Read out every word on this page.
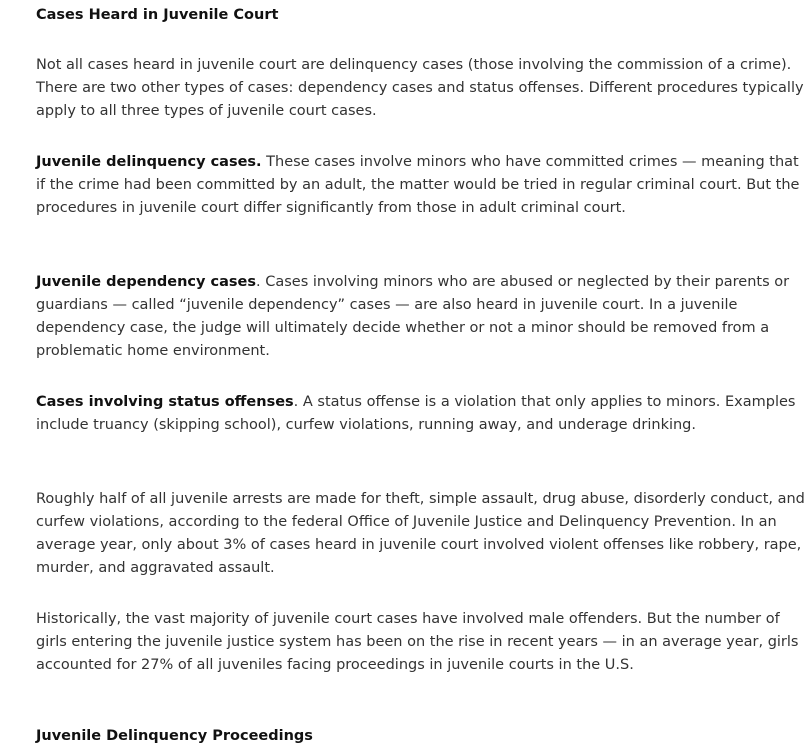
Cases Heard in Juvenile Court

Not all cases heard in juvenile court are delinquency cases (those involving the commission of a crime). There are two other types of cases: dependency cases and status offenses. Different procedures typically apply to all three types of juvenile court cases.

Juvenile delinquency cases. These cases involve minors who have committed crimes — meaning that if the crime had been committed by an adult, the matter would be tried in regular criminal court. But the procedures in juvenile court differ significantly from those in adult criminal court.

Juvenile dependency cases. Cases involving minors who are abused or neglected by their parents or guardians — called “juvenile dependency” cases — are also heard in juvenile court. In a juvenile dependency case, the judge will ultimately decide whether or not a minor should be removed from a problematic home environment.

Cases involving status offenses. A status offense is a violation that only applies to minors. Examples include truancy (skipping school), curfew violations, running away, and underage drinking.

Roughly half of all juvenile arrests are made for theft, simple assault, drug abuse, disorderly conduct, and curfew violations, according to the federal Office of Juvenile Justice and Delinquency Prevention. In an average year, only about 3% of cases heard in juvenile court involved violent offenses like robbery, rape, murder, and aggravated assault.

Historically, the vast majority of juvenile court cases have involved male offenders. But the number of girls entering the juvenile justice system has been on the rise in recent years — in an average year, girls accounted for 27% of all juveniles facing proceedings in juvenile courts in the U.S.

Juvenile Delinquency Proceedings
